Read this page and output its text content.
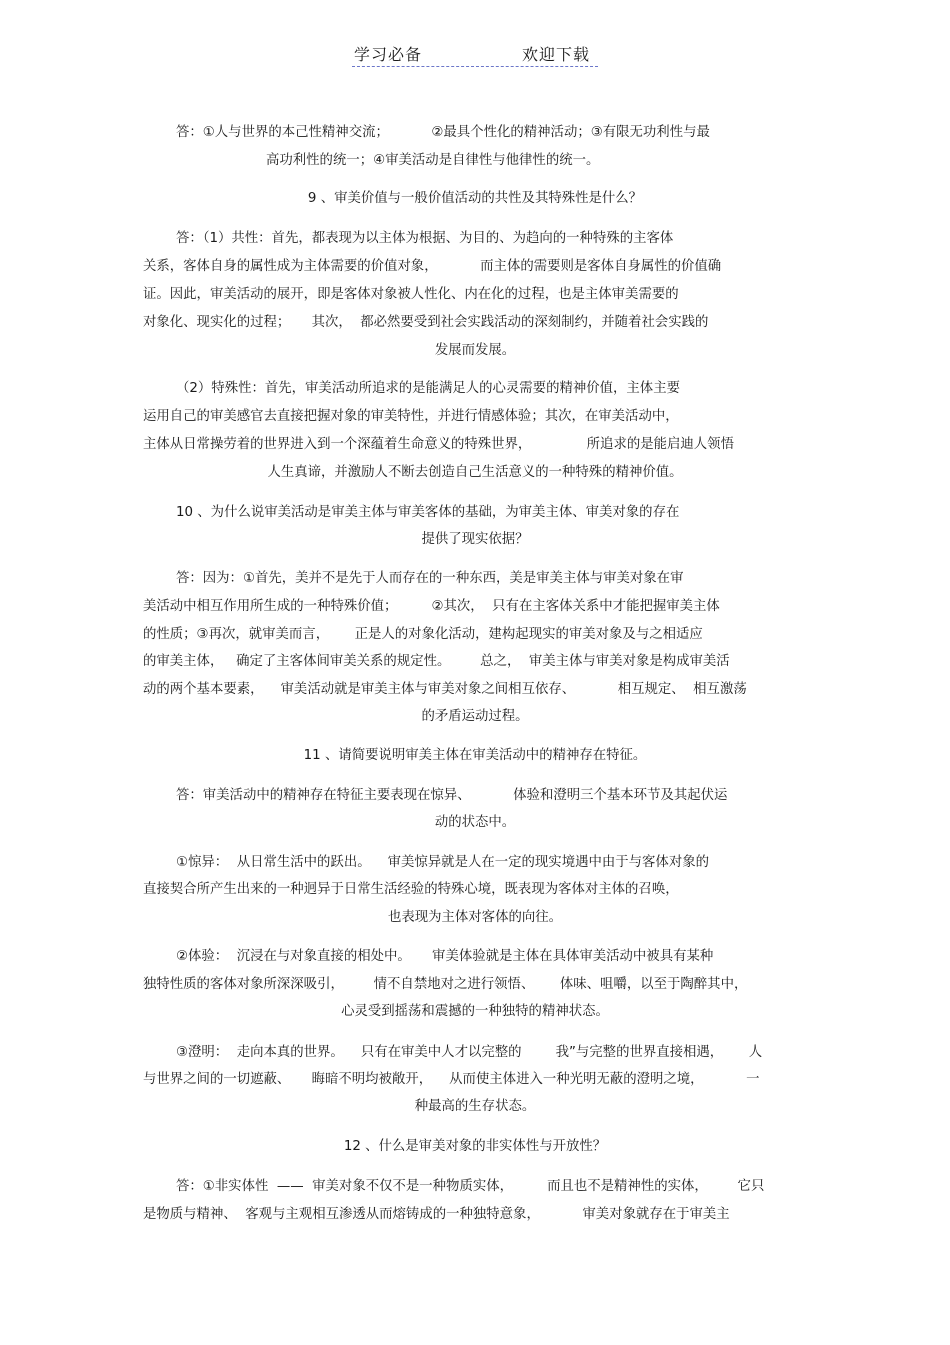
学习必备	欢迎下载
答：①人与世界的本己性精神交流；          ②最具个性化的精神活动；③有限无功利性与最
高功利性的统一；④审美活动是自律性与他律性的统一。
9 、审美价值与一般价值活动的共性及其特殊性是什么？
答：（1）共性：首先，都表现为以主体为根据、为目的、为趋向的一种特殊的主客体
关系，客体自身的属性成为主体需要的价值对象，          而主体的需要则是客体自身属性的价值确
证。因此，审美活动的展开，即是客体对象被人性化、内在化的过程，也是主体审美需要的
对象化、现实化的过程；     其次，  都必然要受到社会实践活动的深刻制约，并随着社会实践的
发展而发展。
（2）特殊性：首先，审美活动所追求的是能满足人的心灵需要的精神价值，主体主要
运用自己的审美感官去直接把握对象的审美特性，并进行情感体验；其次，在审美活动中，
主体从日常操劳着的世界进入到一个深蕴着生命意义的特殊世界，             所追求的是能启迪人领悟
人生真谛，并激励人不断去创造自己生活意义的一种特殊的精神价值。
10 、为什么说审美活动是审美主体与审美客体的基础，为审美主体、审美对象的存在
提供了现实依据？
答：因为：①首先，美并不是先于人而存在的一种东西，美是审美主体与审美对象在审
美活动中相互作用所生成的一种特殊价值；        ②其次，  只有在主客体关系中才能把握审美主体
的性质；③再次，就审美而言，      正是人的对象化活动，建构起现实的审美对象及与之相适应
的审美主体，   确定了主客体间审美关系的规定性。       总之，  审美主体与审美对象是构成审美活
动的两个基本要素，    审美活动就是审美主体与审美对象之间相互依存、          相互规定、  相互激荡
的矛盾运动过程。
11 、请简要说明审美主体在审美活动中的精神存在特征。
答：审美活动中的精神存在特征主要表现在惊异、          体验和澄明三个基本环节及其起伏运
动的状态中。
①惊异：  从日常生活中的跃出。    审美惊异就是人在一定的现实境遇中由于与客体对象的
直接契合所产生出来的一种迥异于日常生活经验的特殊心境，既表现为客体对主体的召唤，
也表现为主体对客体的向往。
②体验：  沉浸在与对象直接的相处中。     审美体验就是主体在具体审美活动中被具有某种
独特性质的客体对象所深深吸引，       情不自禁地对之进行领悟、      体味、咀嚼，以至于陶醉其中，
心灵受到摇荡和震撼的一种独特的精神状态。
③澄明：  走向本真的世界。    只有在审美中人才以完整的        我”与完整的世界直接相遇，      人
与世界之间的一切遮蔽、     晦暗不明均被敞开，    从而使主体进入一种光明无蔽的澄明之境，          一
种最高的生存状态。
12 、什么是审美对象的非实体性与开放性？
答：①非实体性  ——  审美对象不仅不是一种物质实体，        而且也不是精神性的实体，       它只
是物质与精神、  客观与主观相互渗透从而熔铸成的一种独特意象，          审美对象就存在于审美主
